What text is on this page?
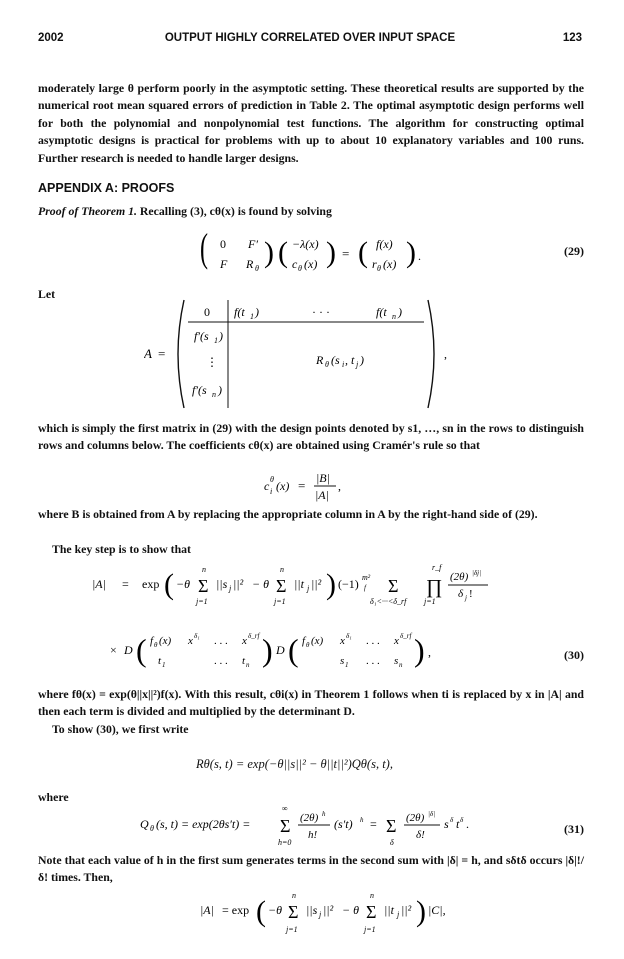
2002	OUTPUT HIGHLY CORRELATED OVER INPUT SPACE	123
moderately large θ perform poorly in the asymptotic setting. These theoretical results are supported by the numerical root mean squared errors of prediction in Table 2. The optimal asymptotic design performs well for both the polynomial and nonpolynomial test functions. The algorithm for constructing optimal asymptotic designs is practical for problems with up to about 10 explanatory variables and 100 runs. Further research is needed to handle larger designs.
APPENDIX A: PROOFS
Proof of Theorem 1. Recalling (3), cθ(x) is found by solving
( 0 F′
F R θ ) ( −λ(x)
c θ (x) ) = ( f(x)
r θ (x) ) .	(29)
Let
A =
0 f(t 1 )	· · ·	f(t n )
f′(s 1 )
⋮	R θ (s i , t j )
f′(s n )
,
which is simply the first matrix in (29) with the design points denoted by s1, …, sn in the rows to distinguish rows and columns below. The coefficients cθ(x) are obtained using Cramér's rule so that
c θ
i (x) = |B|
|A|
,
where B is obtained from A by replacing the appropriate column in A by the right-hand side of (29).
The key step is to show that
|A| = exp ( −θ Σ
n
j=1
||s j ||² − θ Σ
n
j=1
||t j ||² ) (−1) m²
f Σ
δ₁<···<δ_rf
∏
r_f
j=1
(2θ) |δj|
δ j !
× D ( f θ (x) x δ₁ . . . x δ_rf
t 1	. . . t n ) D ( f θ (x) x δ₁ . . . x δ_rf
s 1 . . . s n ) ,	(30)
where fθ(x) = exp(θ||x||²)f(x). With this result, cθi(x) in Theorem 1 follows when ti is replaced by x in |A| and then each term is divided and multiplied by the determinant D.
To show (30), we first write
Rθ(s, t) = exp(−θ||s||² − θ||t||²)Qθ(s, t),
where
Q θ (s, t) = exp(2θs′t) = Σ
∞
h=0
(2θ) h
h!
(s′t) h = Σ
δ
(2θ) |δ|
δ!
s δ t δ .	(31)
Note that each value of h in the first sum generates terms in the second sum with |δ| = h, and sδtδ occurs |δ|!/δ! times. Then,
|A| = exp ( −θ Σ
n
j=1
||s j ||² − θ Σ
n
j=1
||t j ||² ) |C|,
